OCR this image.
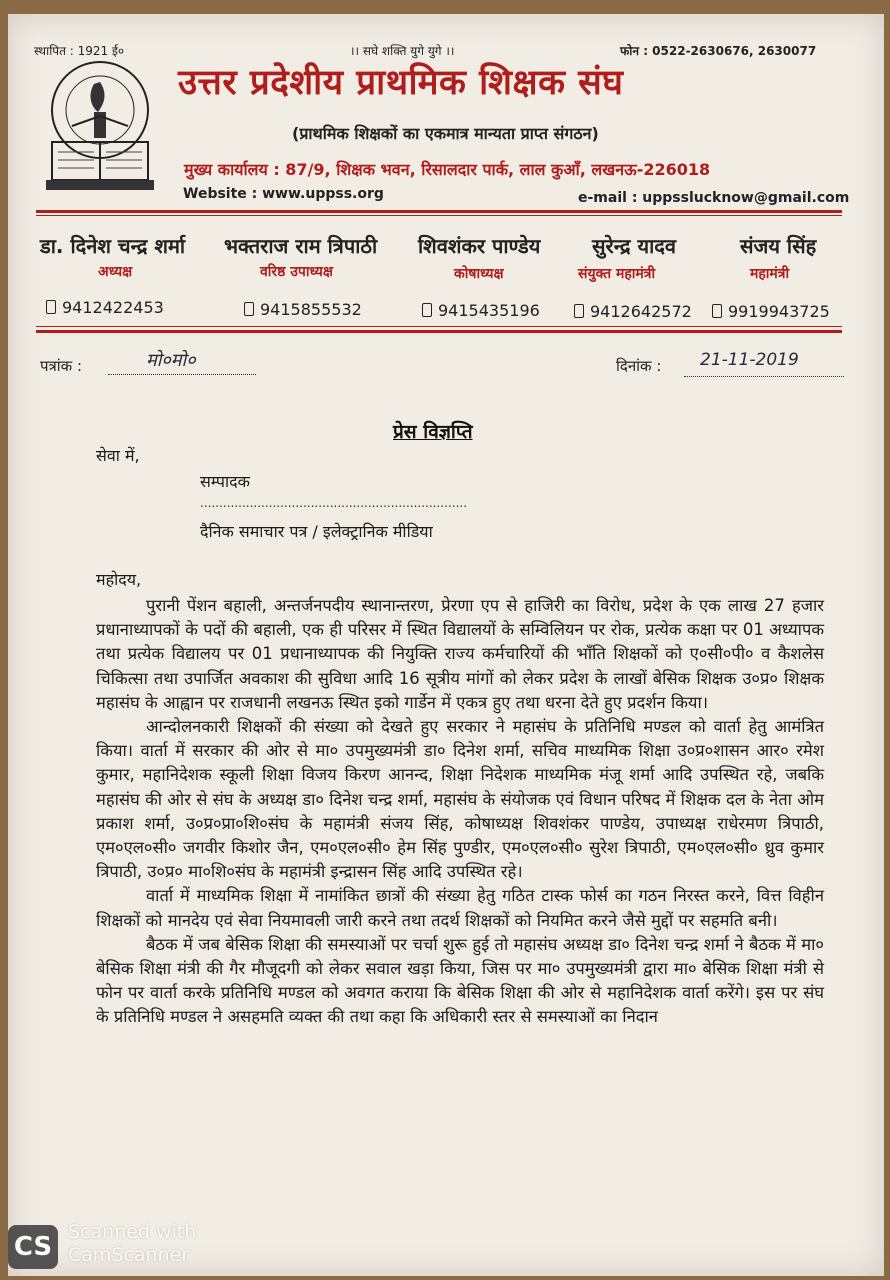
स्थापित : 1921 ई०	।। सघे शक्ति युगे युगे ।।	फोन : 0522-2630676, 2630077
उत्तर प्रदेशीय प्राथमिक शिक्षक संघ
(प्राथमिक शिक्षकों का एकमात्र मान्यता प्राप्त संगठन)
मुख्य कार्यालय : 87/9, शिक्षक भवन, रिसालदार पार्क, लाल कुआँ, लखनऊ-226018
Website : www.uppss.org	e-mail : uppsslucknow@gmail.com
डा. दिनेश चन्द्र शर्मा
अध्यक्ष
9412422453
भक्तराज राम त्रिपाठी
वरिष्ठ उपाध्यक्ष
9415855532
शिवशंकर पाण्डेय
कोषाध्यक्ष
9415435196
सुरेन्द्र यादव
संयुक्त महामंत्री
9412642572
संजय सिंह
महामंत्री
9919943725
पत्रांक :	मो०मो०	दिनांक : 21-11-2019
प्रेस विज्ञप्ति
सेवा में,
सम्पादक
......................................................................
दैनिक समाचार पत्र / इलेक्ट्रानिक मीडिया
महोदय,

पुरानी पेंशन बहाली, अन्तर्जनपदीय स्थानान्तरण, प्रेरणा एप से हाजिरी का विरोध, प्रदेश के एक लाख 27 हजार प्रधानाध्यापकों के पदों की बहाली, एक ही परिसर में स्थित विद्यालयों के सम्विलियन पर रोक, प्रत्येक कक्षा पर 01 अध्यापक तथा प्रत्येक विद्यालय पर 01 प्रधानाध्यापक की नियुक्ति राज्य कर्मचारियों की भाँति शिक्षकों को ए०सी०पी० व कैशलेस चिकित्सा तथा उपार्जित अवकाश की सुविधा आदि 16 सूत्रीय मांगों को लेकर प्रदेश के लाखों बेसिक शिक्षक उ०प्र० शिक्षक महासंघ के आह्वान पर राजधानी लखनऊ स्थित इको गार्डेन में एकत्र हुए तथा धरना देते हुए प्रदर्शन किया।

आन्दोलनकारी शिक्षकों की संख्या को देखते हुए सरकार ने महासंघ के प्रतिनिधि मण्डल को वार्ता हेतु आमंत्रित किया। वार्ता में सरकार की ओर से मा० उपमुख्यमंत्री डा० दिनेश शर्मा, सचिव माध्यमिक शिक्षा उ०प्र०शासन आर० रमेश कुमार, महानिदेशक स्कूली शिक्षा विजय किरण आनन्द, शिक्षा निदेशक माध्यमिक मंजू शर्मा आदि उपस्थित रहे, जबकि महासंघ की ओर से संघ के अध्यक्ष डा० दिनेश चन्द्र शर्मा, महासंघ के संयोजक एवं विधान परिषद में शिक्षक दल के नेता ओम प्रकाश शर्मा, उ०प्र०प्रा०शि०संघ के महामंत्री संजय सिंह, कोषाध्यक्ष शिवशंकर पाण्डेय, उपाध्यक्ष राधेरमण त्रिपाठी, एम०एल०सी० जगवीर किशोर जैन, एम०एल०सी० हेम सिंह पुण्डीर, एम०एल०सी० सुरेश त्रिपाठी, एम०एल०सी० ध्रुव कुमार त्रिपाठी, उ०प्र० मा०शि०संघ के महामंत्री इन्द्रासन सिंह आदि उपस्थित रहे।

वार्ता में माध्यमिक शिक्षा में नामांकित छात्रों की संख्या हेतु गठित टास्क फोर्स का गठन निरस्त करने, वित्त विहीन शिक्षकों को मानदेय एवं सेवा नियमावली जारी करने तथा तदर्थ शिक्षकों को नियमित करने जैसे मुद्दों पर सहमति बनी।

बैठक में जब बेसिक शिक्षा की समस्याओं पर चर्चा शुरू हुई तो महासंघ अध्यक्ष डा० दिनेश चन्द्र शर्मा ने बैठक में मा० बेसिक शिक्षा मंत्री की गैर मौजूदगी को लेकर सवाल खड़ा किया, जिस पर मा० उपमुख्यमंत्री द्वारा मा० बेसिक शिक्षा मंत्री से फोन पर वार्ता करके प्रतिनिधि मण्डल को अवगत कराया कि बेसिक शिक्षा की ओर से महानिदेशक वार्ता करेंगे। इस पर संघ के प्रतिनिधि मण्डल ने असहमति व्यक्त की तथा कहा कि अधिकारी स्तर से समस्याओं का निदान

CS Scanned with
CamScanner
